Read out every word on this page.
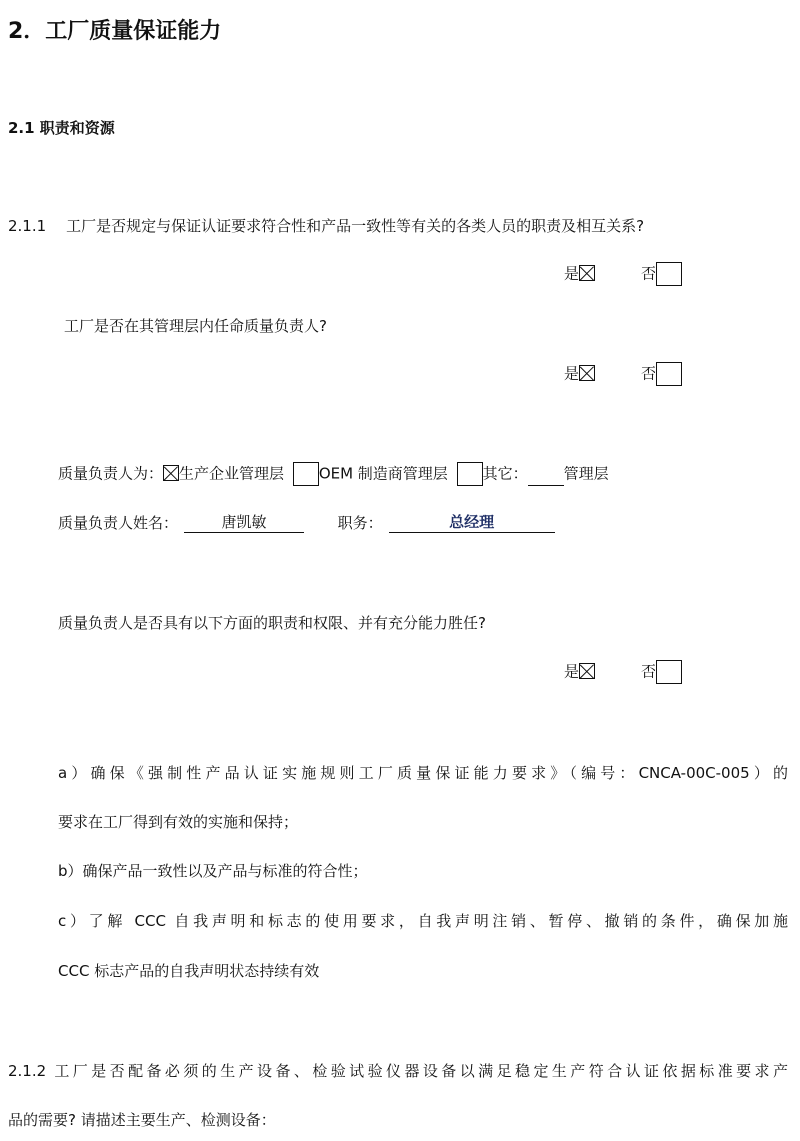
2．工厂质量保证能力
2.1 职责和资源
2.1.1 工厂是否规定与保证认证要求符合性和产品一致性等有关的各类人员的职责及相互关系?
是	否
工厂是否在其管理层内任命质量负责人?
是	否
质量负责人为： 生产企业管理层 OEM 制造商管理层 其它： 管理层
质量负责人姓名：	唐凯敏	职务：	总经理
质量负责人是否具有以下方面的职责和权限、并有充分能力胜任?
是	否
a）确保《强制性产品认证实施规则工厂质量保证能力要求》（编号：CNCA-00C-005）的
要求在工厂得到有效的实施和保持；
b）确保产品一致性以及产品与标准的符合性；
c）了解 CCC 自我声明和标志的使用要求，自我声明注销、暂停、撤销的条件，确保加施
CCC 标志产品的自我声明状态持续有效
2.1.2 工厂是否配备必须的生产设备、检验试验仪器设备以满足稳定生产符合认证依据标准要求产
品的需要? 请描述主要生产、检测设备：
